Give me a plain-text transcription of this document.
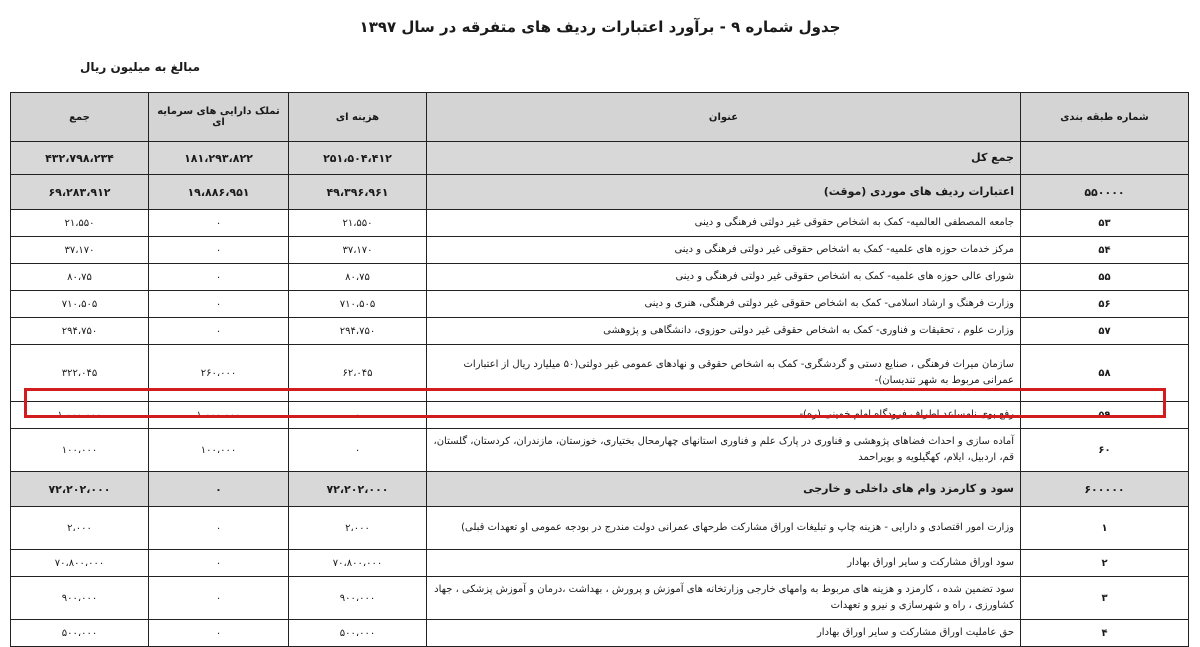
جدول شماره ۹ - برآورد اعتبارات ردیف های متفرقه در سال ۱۳۹۷
مبالغ به میلیون ریال
شماره طبقه بندی	عنوان	هزینه ای	تملک دارایی های سرمایه ای	جمع
	جمع کل	۲۵۱،۵۰۴،۴۱۲	۱۸۱،۲۹۳،۸۲۲	۴۳۲،۷۹۸،۲۳۴
۵۵۰۰۰۰	اعتبارات ردیف های موردی (موقت)	۴۹،۳۹۶،۹۶۱	۱۹،۸۸۶،۹۵۱	۶۹،۲۸۳،۹۱۲
۵۳	جامعه المصطفی العالمیه- کمک به اشخاص حقوقی غیر دولتی فرهنگی و دینی	۲۱،۵۵۰	۰	۲۱،۵۵۰
۵۴	مرکز خدمات حوزه های علمیه- کمک به اشخاص حقوقی غیر دولتی فرهنگی و دینی	۳۷،۱۷۰	۰	۳۷،۱۷۰
۵۵	شورای عالی حوزه های علمیه- کمک به اشخاص حقوقی غیر دولتی فرهنگی و دینی	۸۰،۷۵	۰	۸۰،۷۵
۵۶	وزارت فرهنگ و ارشاد اسلامی- کمک به اشخاص حقوقی غیر دولتی فرهنگی، هنری و دینی	۷۱۰،۵۰۵	۰	۷۱۰،۵۰۵
۵۷	وزارت علوم ، تحقیقات و فناوری- کمک به اشخاص حقوقی غیر دولتی حوزوی، دانشگاهی و پژوهشی	۲۹۴،۷۵۰	۰	۲۹۴،۷۵۰
۵۸	سازمان میراث فرهنگی ، صنایع دستی و گردشگری- کمک به اشخاص حقوقی و نهادهای عمومی غیر دولتی(۵۰ میلیارد ریال از اعتبارات عمرانی مربوط به شهر تندیسان)-	۶۲،۰۴۵	۲۶۰،۰۰۰	۳۲۲،۰۴۵
۵۹	رفع بوی نامساعد اطراف فرودگاه امام خمینی (ره)-	۰	۱،۰۰۰،۰۰۰	۱،۰۰۰،۰۰۰
۶۰	آماده سازی و احداث فضاهای پژوهشی و فناوری در پارک علم و فناوری استانهای چهارمحال بختیاری، خوزستان، مازندران، کردستان، گلستان، قم، اردبیل، ایلام، کهگیلویه و بویراحمد	۰	۱۰۰،۰۰۰	۱۰۰،۰۰۰
۶۰۰۰۰۰	سود و کارمزد وام های داخلی و خارجی	۷۲،۲۰۲،۰۰۰	۰	۷۲،۲۰۲،۰۰۰
۱	وزارت امور اقتصادی و دارایی - هزینه چاپ و تبلیغات اوراق مشارکت طرحهای عمرانی دولت مندرج در بودجه عمومی او تعهدات قبلی)	۲،۰۰۰	۰	۲،۰۰۰
۲	سود اوراق مشارکت و سایر اوراق بهادار	۷۰،۸۰۰،۰۰۰	۰	۷۰،۸۰۰،۰۰۰
۳	سود تضمین شده ، کارمزد و هزینه های مربوط به وامهای خارجی وزارتخانه های آموزش و پرورش ، بهداشت ،درمان و آموزش پزشکی ، جهاد کشاورزی ، راه و شهرسازی و نیرو و تعهدات	۹۰۰،۰۰۰	۰	۹۰۰،۰۰۰
۴	حق عاملیت اوراق مشارکت و سایر اوراق بهادار	۵۰۰،۰۰۰	۰	۵۰۰،۰۰۰
